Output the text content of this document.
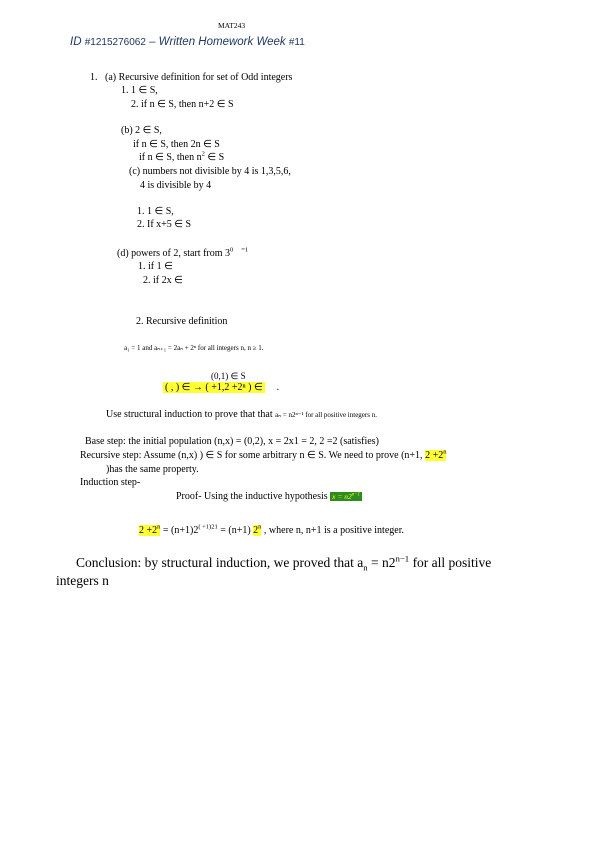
MAT243
ID #1215276062 – Written Homework Week #11
1. (a) Recursive definition for set of Odd integers
1. 1 ∈ S,
2. if n ∈ S, then n+2 ∈ S
(b) 2 ∈ S,
if n ∈ S, then 2n ∈ S
if n ∈ S, then $n^2$ ∈ S
(c) numbers not divisible by 4 is 1,3,5,6,
4 is divisible by 4
1. 1 ∈ S,
2. If x+5 ∈ S
(d) powers of 2, start from $3^0$ $^{=1}$
1. if 1 ∈
2. if 2x ∈
2. Recursive definition
a₁ = 1 and aₙ₊₁ = 2aₙ + 2ⁿ for all integers n, n ≥ 1.
(0,1) ∈ S
( , ) ∈ → ( +1,2 +2ⁿ ) ∈ .
Use structural induction to prove that that aₙ = n2ⁿ⁻¹ for all positive integers n.
Base step: the initial population (n,x) = (0,2), x = 2x1 = 2, 2 =2 (satisfies)
Recursive step: Assume (n,x) ) ∈ S for some arbitrary n ∈ S. We need to prove (n+1, $2 +2^n$
)has the same property.
Induction step-
Proof- Using the inductive hypothesis $x = n2^{n-1}$
$2 +2^n = (n+1)2^{( +1)21} = (n+1)$ 2$^n$ , where n, n+1 is a positive integer.
Conclusion: by structural induction, we proved that $a_n = n2^{n-1}$ for all positive
integers n
